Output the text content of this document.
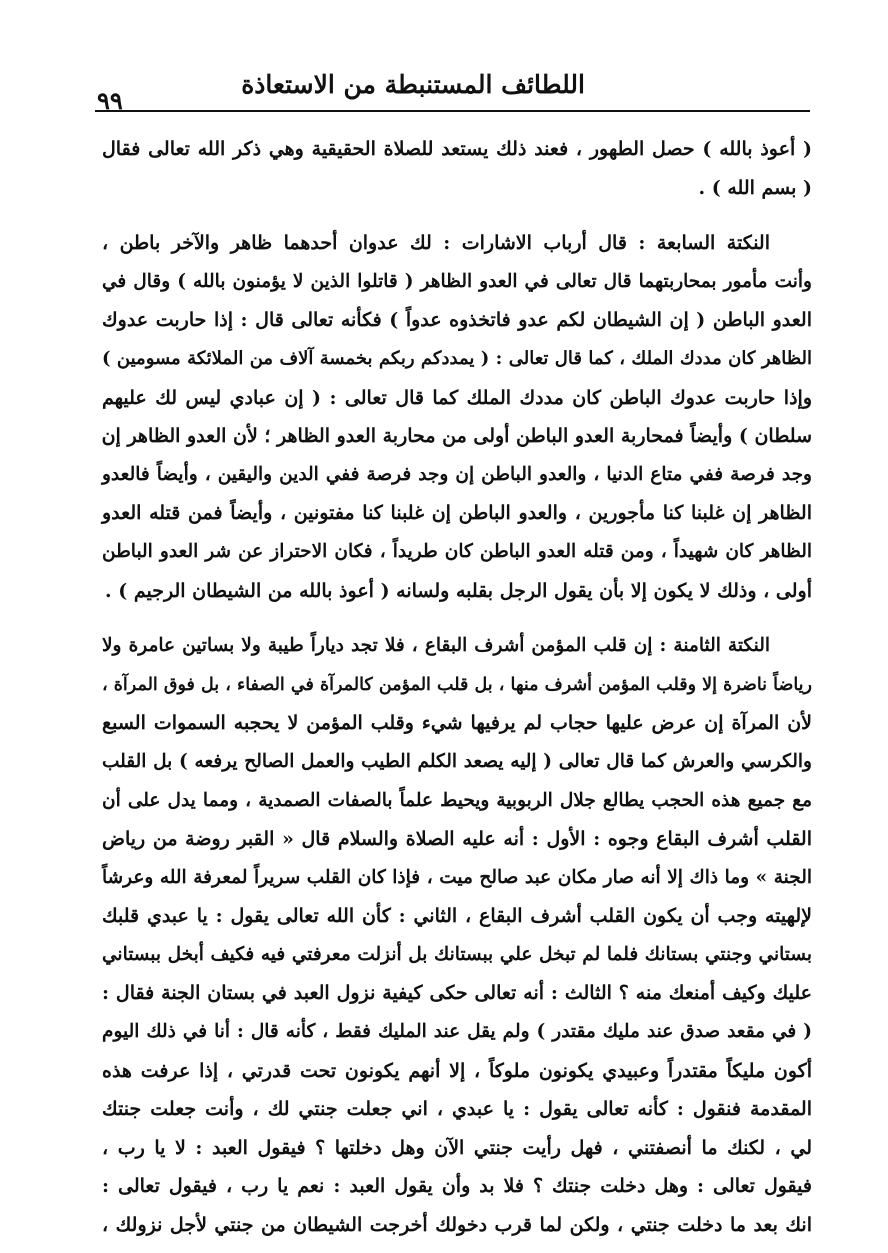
اللطائف المستنبطة من الاستعاذة
٩٩

( أعوذ بالله ) حصل الطهور ، فعند ذلك يستعد للصلاة الحقيقية وهي ذكر الله تعالى فقال
( بسم الله ) .

النكتة السابعة : قال أرباب الاشارات : لك عدوان أحدهما ظاهر والآخر باطن ،
وأنت مأمور بمحاربتهما قال تعالى في العدو الظاهر ( قاتلوا الذين لا يؤمنون بالله ) وقال في
العدو الباطن ( إن الشيطان لكم عدو فاتخذوه عدواً ) فكأنه تعالى قال : إذا حاربت عدوك
الظاهر كان مددك الملك ، كما قال تعالى : ( يمددكم ربكم بخمسة آلاف من الملائكة مسومين )
وإذا حاربت عدوك الباطن كان مددك الملك كما قال تعالى : ( إن عبادي ليس لك عليهم
سلطان ) وأيضاً فمحاربة العدو الباطن أولى من محاربة العدو الظاهر ؛ لأن العدو الظاهر إن
وجد فرصة ففي متاع الدنيا ، والعدو الباطن إن وجد فرصة ففي الدين واليقين ، وأيضاً فالعدو
الظاهر إن غلبنا كنا مأجورين ، والعدو الباطن إن غلبنا كنا مفتونين ، وأيضاً فمن قتله العدو
الظاهر كان شهيداً ، ومن قتله العدو الباطن كان طريداً ، فكان الاحتراز عن شر العدو الباطن
أولى ، وذلك لا يكون إلا بأن يقول الرجل بقلبه ولسانه ( أعوذ بالله من الشيطان الرجيم ) .

النكتة الثامنة : إن قلب المؤمن أشرف البقاع ، فلا تجد دياراً طيبة ولا بساتين عامرة ولا
رياضاً ناضرة إلا وقلب المؤمن أشرف منها ، بل قلب المؤمن كالمرآة في الصفاء ، بل فوق المرآة ،
لأن المرآة إن عرض عليها حجاب لم يرفيها شيء وقلب المؤمن لا يحجبه السموات السبع
والكرسي والعرش كما قال تعالى ( إليه يصعد الكلم الطيب والعمل الصالح يرفعه ) بل القلب
مع جميع هذه الحجب يطالع جلال الربوبية ويحيط علماً بالصفات الصمدية ، ومما يدل على أن
القلب أشرف البقاع وجوه : الأول : أنه عليه الصلاة والسلام قال « القبر روضة من رياض
الجنة » وما ذاك إلا أنه صار مكان عبد صالح ميت ، فإذا كان القلب سريراً لمعرفة الله وعرشاً
لإلهيته وجب أن يكون القلب أشرف البقاع ، الثاني : كأن الله تعالى يقول : يا عبدي قلبك
بستاني وجنتي بستانك فلما لم تبخل علي ببستانك بل أنزلت معرفتي فيه فكيف أبخل ببستاني
عليك وكيف أمنعك منه ؟ الثالث : أنه تعالى حكى كيفية نزول العبد في بستان الجنة فقال :
( في مقعد صدق عند مليك مقتدر ) ولم يقل عند المليك فقط ، كأنه قال : أنا في ذلك اليوم
أكون مليكاً مقتدراً وعبيدي يكونون ملوكاً ، إلا أنهم يكونون تحت قدرتي ، إذا عرفت هذه
المقدمة فنقول : كأنه تعالى يقول : يا عبدي ، اني جعلت جنتي لك ، وأنت جعلت جنتك
لي ، لكنك ما أنصفتني ، فهل رأيت جنتي الآن وهل دخلتها ؟ فيقول العبد : لا يا رب ،
فيقول تعالى : وهل دخلت جنتك ؟ فلا بد وأن يقول العبد : نعم يا رب ، فيقول تعالى :
انك بعد ما دخلت جنتي ، ولكن لما قرب دخولك أخرجت الشيطان من جنتي لأجل نزولك ،
